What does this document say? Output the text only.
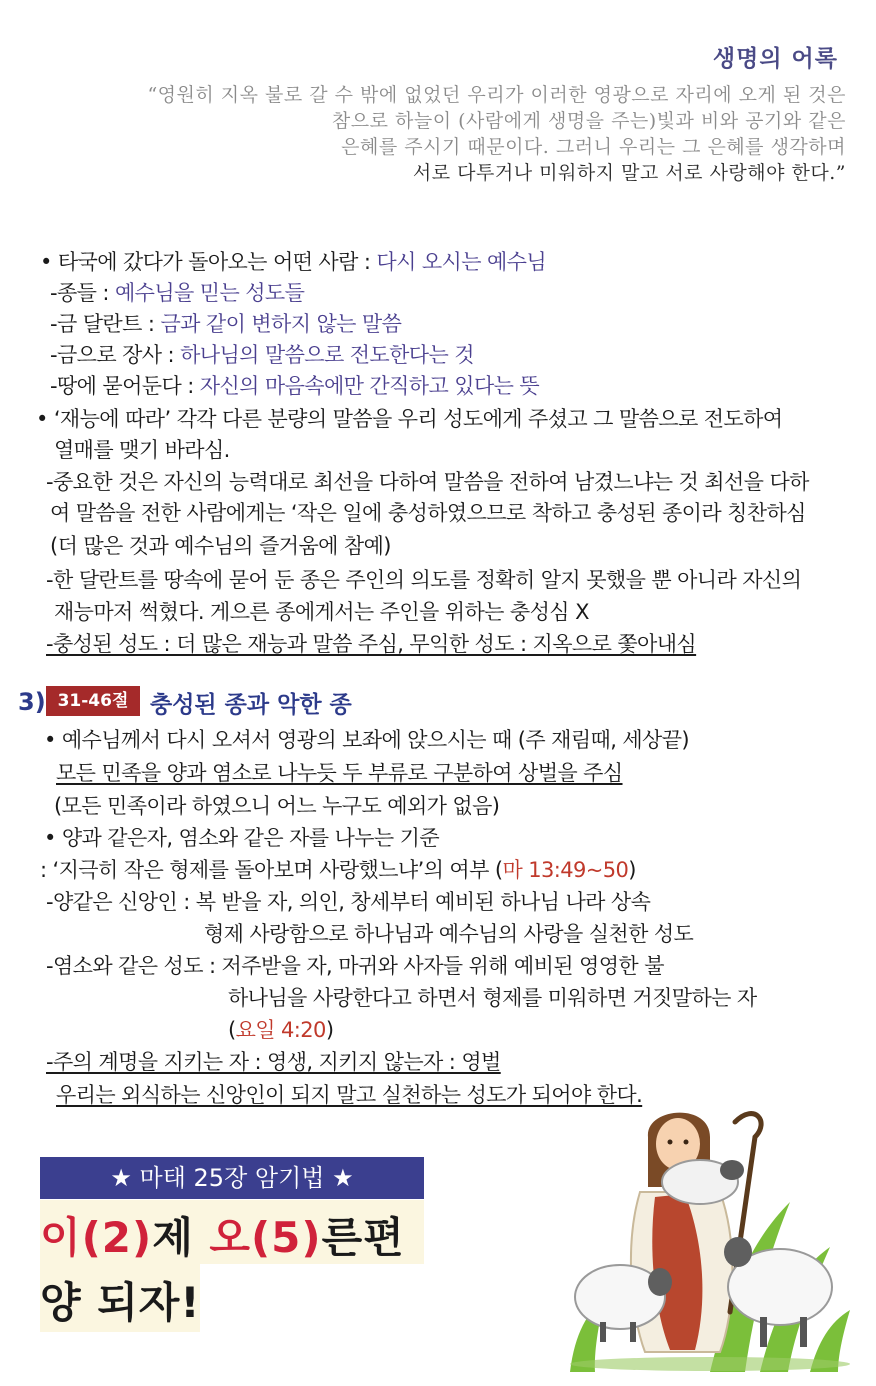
생명의 어록
“영원히 지옥 불로 갈 수 밖에 없었던 우리가 이러한 영광으로 자리에 오게 된 것은
참으로 하늘이 (사람에게 생명을 주는)빛과 비와 공기와 같은
은혜를 주시기 때문이다. 그러니 우리는 그 은혜를 생각하며
서로 다투거나 미워하지 말고 서로 사랑해야 한다.”
• 타국에 갔다가 돌아오는 어떤 사람 : 다시 오시는 예수님
-종들 : 예수님을 믿는 성도들
-금 달란트 : 금과 같이 변하지 않는 말씀
-금으로 장사 : 하나님의 말씀으로 전도한다는 것
-땅에 묻어둔다 : 자신의 마음속에만 간직하고 있다는 뜻
• ‘재능에 따라’ 각각 다른 분량의 말씀을 우리 성도에게 주셨고 그 말씀으로 전도하여
열매를 맺기 바라심.
-중요한 것은 자신의 능력대로 최선을 다하여 말씀을 전하여 남겼느냐는 것 최선을 다하
여 말씀을 전한 사람에게는 ‘작은 일에 충성하였으므로 착하고 충성된 종이라 칭찬하심
(더 많은 것과 예수님의 즐거움에 참예)
-한 달란트를 땅속에 묻어 둔 종은 주인의 의도를 정확히 알지 못했을 뿐 아니라 자신의
재능마저 썩혔다. 게으른 종에게서는 주인을 위하는 충성심 X
-충성된 성도 : 더 많은 재능과 말씀 주심, 무익한 성도 : 지옥으로 쫓아내심
3) 31-46절 충성된 종과 악한 종
• 예수님께서 다시 오셔서 영광의 보좌에 앉으시는 때 (주 재림때, 세상끝)
모든 민족을 양과 염소로 나누듯 두 부류로 구분하여 상벌을 주심
(모든 민족이라 하였으니 어느 누구도 예외가 없음)
• 양과 같은자, 염소와 같은 자를 나누는 기준
: ‘지극히 작은 형제를 돌아보며 사랑했느냐’의 여부 (마 13:49~50)
-양같은 신앙인 : 복 받을 자, 의인, 창세부터 예비된 하나님 나라 상속
형제 사랑함으로 하나님과 예수님의 사랑을 실천한 성도
-염소와 같은 성도 : 저주받을 자, 마귀와 사자들 위해 예비된 영영한 불
하나님을 사랑한다고 하면서 형제를 미워하면 거짓말하는 자
(요일 4:20)
-주의 계명을 지키는 자 : 영생, 지키지 않는자 : 영벌
우리는 외식하는 신앙인이 되지 말고 실천하는 성도가 되어야 한다.
★ 마태 25장 암기법 ★
이(2)제 오(5)른편
양 되자!
